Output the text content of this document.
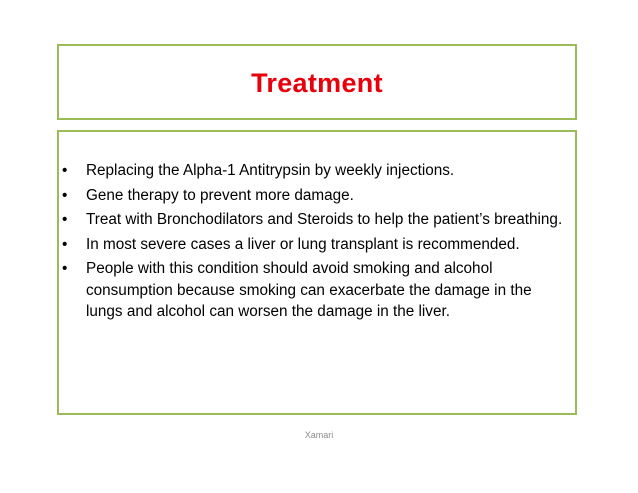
Treatment
• Replacing the Alpha-1 Antitrypsin by weekly injections.
• Gene therapy to prevent more damage.
• Treat with Bronchodilators and Steroids to help the patient’s breathing.
• In most severe cases a liver or lung transplant is recommended.
• People with this condition should avoid smoking and alcohol consumption because smoking can exacerbate the damage in the lungs and alcohol can worsen the damage in the liver.
Xamari
